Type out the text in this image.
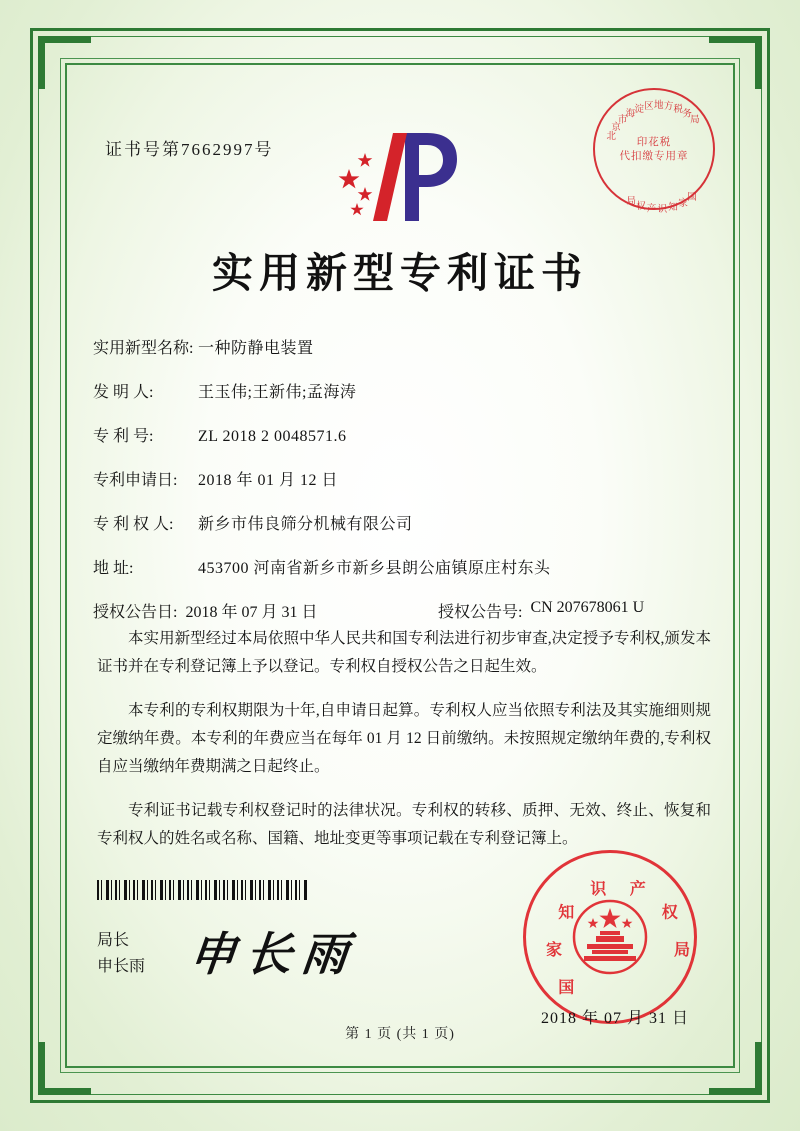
证书号第7662997号
北
京
市
海 淀 区 地 方 税 务
局
国
家
知
识
产
权
局
印花税
代扣缴专用章
实用新型专利证书
实用新型名称: 一种防静电装置
发 明 人:	王玉伟;王新伟;孟海涛
专 利 号:	ZL 2018 2 0048571.6
专利申请日:	2018 年 01 月 12 日
专 利 权 人:	新乡市伟良筛分机械有限公司
地 址:	453700 河南省新乡市新乡县朗公庙镇原庄村东头
授权公告日: 2018 年 07 月 31 日	授权公告号: CN 207678061 U

本实用新型经过本局依照中华人民共和国专利法进行初步审查,决定授予专利权,颁发本证书并在专利登记簿上予以登记。专利权自授权公告之日起生效。

本专利的专利权期限为十年,自申请日起算。专利权人应当依照专利法及其实施细则规定缴纳年费。本专利的年费应当在每年 01 月 12 日前缴纳。未按照规定缴纳年费的,专利权自应当缴纳年费期满之日起终止。

专利证书记载专利权登记时的法律状况。专利权的转移、质押、无效、终止、恢复和专利权人的姓名或名称、国籍、地址变更等事项记载在专利登记簿上。

局长
申长雨 申长雨
国
家
知
识 产
权
局
2018 年 07 月 31 日
第 1 页 (共 1 页)
